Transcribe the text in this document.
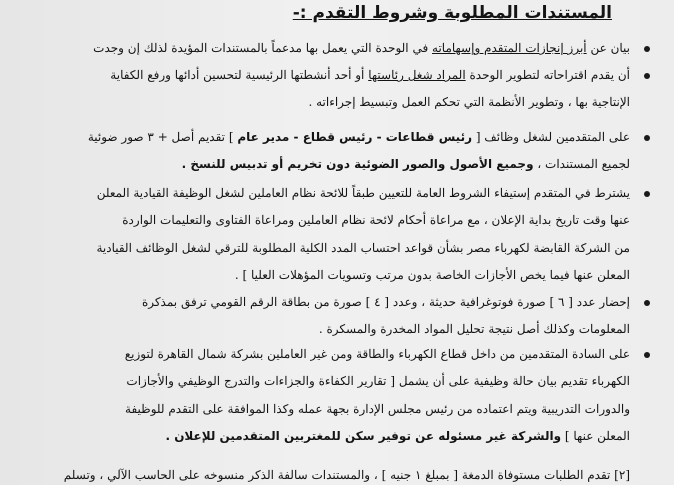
المستندات المطلوبة وشروط التقدم :-
بيان عن أبرز إنجازات المتقدم وإسهاماته في الوحدة التي يعمل بها مدعماً بالمستندات المؤيدة لذلك إن وجدت
أن يقدم اقتراحاته لتطوير الوحدة المراد شغل رئاستها أو أحد أنشطتها الرئيسية لتحسين أدائها ورفع الكفاية
الإنتاجية بها ، وتطوير الأنظمة التي تحكم العمل وتبسيط إجراءاته .
على المتقدمين لشغل وظائف [ رئيس قطاعات - رئيس قطاع - مدير عام ] تقديم أصل + ٣ صور ضوئية
لجميع المستندات ، وجميع الأصول والصور الضوئية دون تخريم أو تدبيس للنسخ .
يشترط في المتقدم إستيفاء الشروط العامة للتعيين طبقاً للائحة نظام العاملين لشغل الوظيفة القيادية المعلن
عنها وقت تاريخ بداية الإعلان ، مع مراعاة أحكام لائحة نظام العاملين ومراعاة الفتاوى والتعليمات الواردة
من الشركة القابضة لكهرباء مصر بشأن قواعد احتساب المدد الكلية المطلوبة للترقي لشغل الوظائف القيادية
المعلن عنها فيما يخص الأجازات الخاصة بدون مرتب وتسويات المؤهلات العليا ] .
إحضار عدد [ ٦ ] صورة فوتوغرافية حديثة ، وعدد [ ٤ ] صورة من بطاقة الرقم القومي ترفق بمذكرة
المعلومات وكذلك أصل نتيجة تحليل المواد المخدرة والمسكرة .
على السادة المتقدمين من داخل قطاع الكهرباء والطاقة ومن غير العاملين بشركة شمال القاهرة لتوزيع
الكهرباء تقديم بيان حالة وظيفية على أن يشمل [ تقارير الكفاءة والجزاءات والتدرج الوظيفي والأجازات
والدورات التدريبية ويتم اعتماده من رئيس مجلس الإدارة بجهة عمله وكذا الموافقة على التقدم للوظيفة
المعلن عنها ] والشركة غير مسئوله عن توفير سكن للمغتربين المتقدمين للإعلان .
[٢] تقدم الطلبات مستوفاة الدمغة [ بمبلغ ١ جنيه ] ، والمستندات سالفة الذكر منسوخه على الحاسب الآلي ، وتسلم
